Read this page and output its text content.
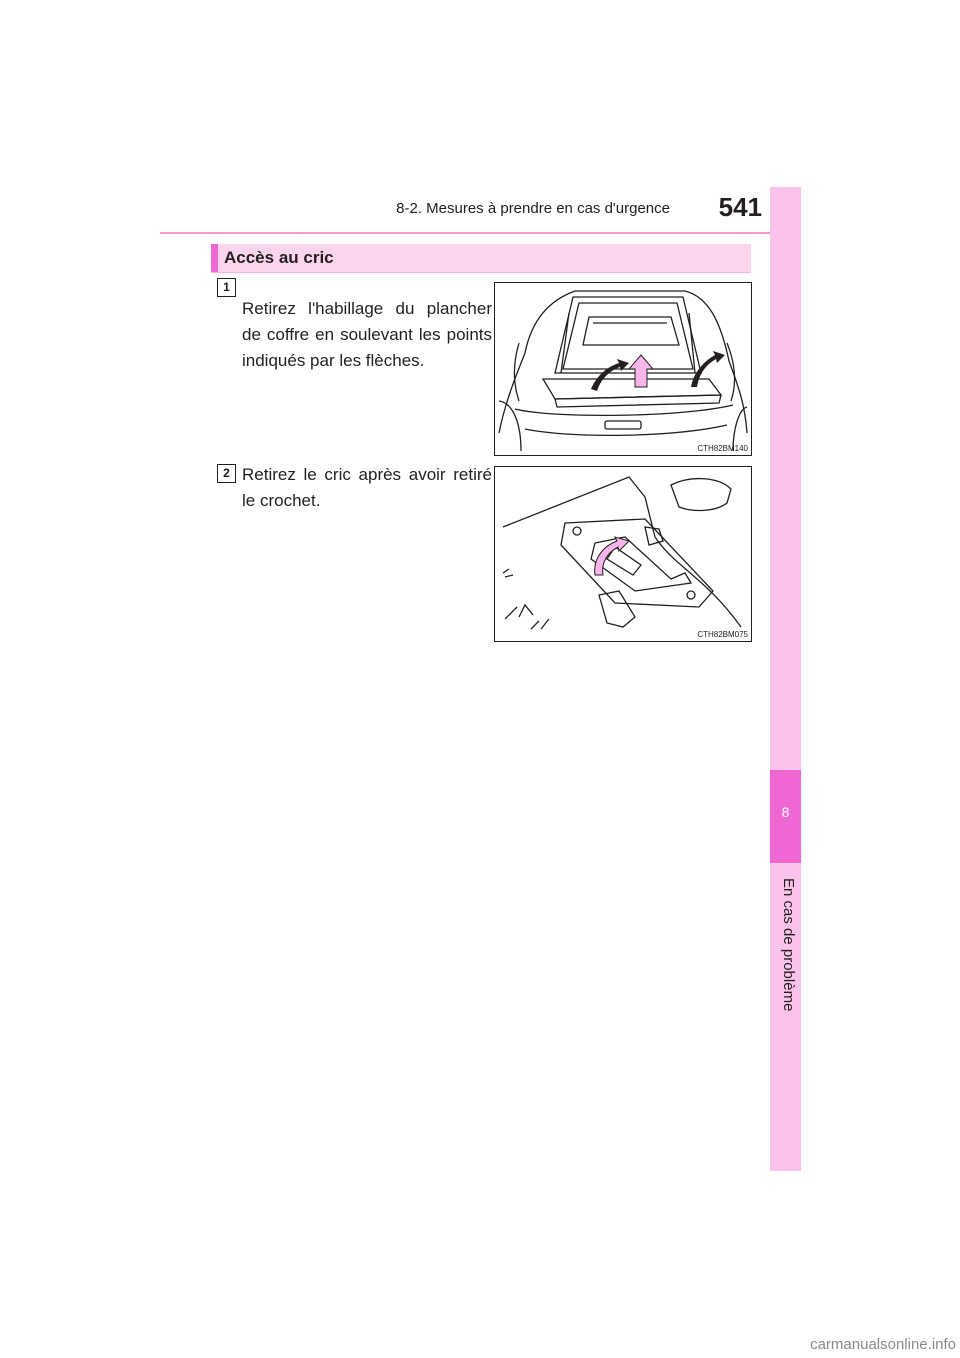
8-2. Mesures à prendre en cas d'urgence 541
8
En cas de problème
Accès au cric
1
Retirez l'habillage du plancher de coffre en soulevant les points indiqués par les flèches.
CTH82BM140
2 Retirez le cric après avoir retiré le crochet.
CTH82BM075
carmanualsonline.info
